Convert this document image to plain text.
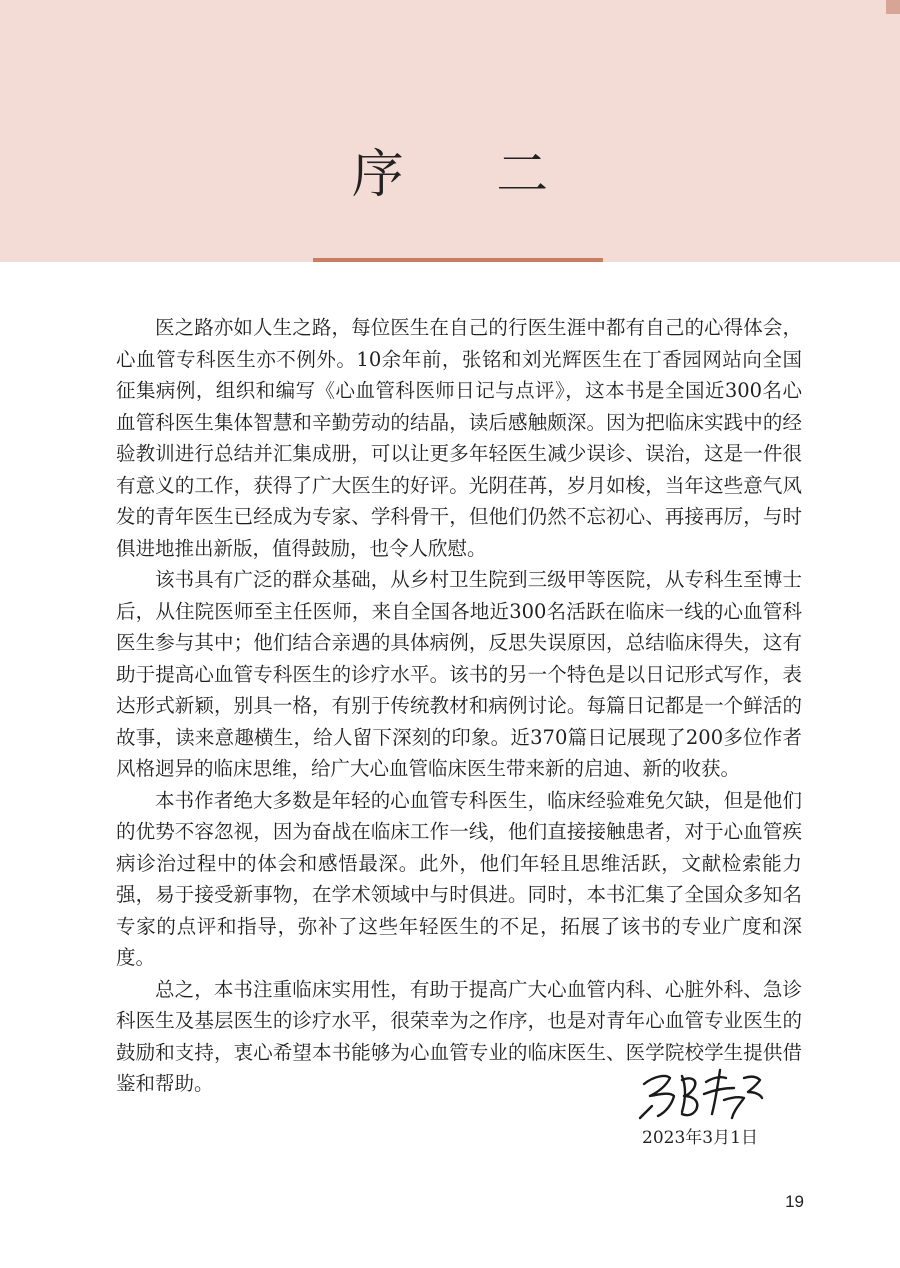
序 二

医之路亦如人生之路，每位医生在自己的行医生涯中都有自己的心得体会，心血管专科医生亦不例外。10余年前，张铭和刘光辉医生在丁香园网站向全国征集病例，组织和编写《心血管科医师日记与点评》，这本书是全国近300名心血管科医生集体智慧和辛勤劳动的结晶，读后感触颇深。因为把临床实践中的经验教训进行总结并汇集成册，可以让更多年轻医生减少误诊、误治，这是一件很有意义的工作，获得了广大医生的好评。光阴荏苒，岁月如梭，当年这些意气风发的青年医生已经成为专家、学科骨干，但他们仍然不忘初心、再接再厉，与时俱进地推出新版，值得鼓励，也令人欣慰。

该书具有广泛的群众基础，从乡村卫生院到三级甲等医院，从专科生至博士后，从住院医师至主任医师，来自全国各地近300名活跃在临床一线的心血管科医生参与其中；他们结合亲遇的具体病例，反思失误原因，总结临床得失，这有助于提高心血管专科医生的诊疗水平。该书的另一个特色是以日记形式写作，表达形式新颖，别具一格，有别于传统教材和病例讨论。每篇日记都是一个鲜活的故事，读来意趣横生，给人留下深刻的印象。近370篇日记展现了200多位作者风格迥异的临床思维，给广大心血管临床医生带来新的启迪、新的收获。

本书作者绝大多数是年轻的心血管专科医生，临床经验难免欠缺，但是他们的优势不容忽视，因为奋战在临床工作一线，他们直接接触患者，对于心血管疾病诊治过程中的体会和感悟最深。此外，他们年轻且思维活跃，文献检索能力强，易于接受新事物，在学术领域中与时俱进。同时，本书汇集了全国众多知名专家的点评和指导，弥补了这些年轻医生的不足，拓展了该书的专业广度和深度。

总之，本书注重临床实用性，有助于提高广大心血管内科、心脏外科、急诊科医生及基层医生的诊疗水平，很荣幸为之作序，也是对青年心血管专业医生的鼓励和支持，衷心希望本书能够为心血管专业的临床医生、医学院校学生提供借鉴和帮助。

2023年3月1日
19
